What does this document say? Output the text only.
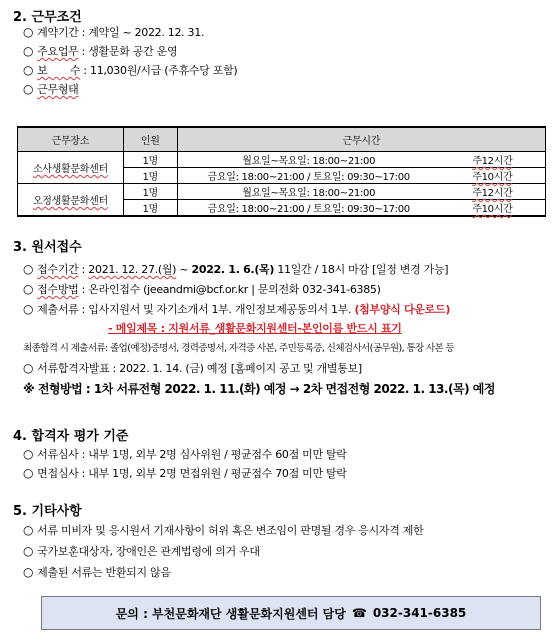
2. 근무조건
○ 계약기간 : 계약일 ~ 2022. 12. 31.
○ 주요업무 : 생활문화 공간 운영
○ 보       수 : 11,030원/시급 (주휴수당 포함)
○ 근무형태
근무장소	인원	근무시간	
소사생활문화센터	1명	월요일~목요일: 18:00~21:00	주12시간
	1명	금요일: 18:00~21:00 / 토요일: 09:30~17:00	주10시간
오정생활문화센터	1명	월요일~목요일: 18:00~21:00	주12시간
	1명	금요일: 18:00~21:00 / 토요일: 09:30~17:00	주10시간
3. 원서접수
○ 접수기간 : 2021. 12. 27.(월) ~ 2022. 1. 6.(목) 11일간 / 18시 마감 [일정 변경 가능]
○ 접수방법 : 온라인접수 (jeeandmi@bcf.or.kr | 문의전화 032-341-6385)
○ 제출서류 : 입사지원서 및 자기소개서 1부. 개인정보제공동의서 1부. (첨부양식 다운로드)
- 메일제목 : 지원서류_생활문화지원센터-본인이름 반드시 표기
최종합격 시 제출서류: 졸업(예정)증명서, 경력증명서, 자격증 사본, 주민등록증, 신체검사서(공무원), 통장 사본 등
○ 서류합격자발표 : 2022. 1. 14. (금) 예정 [홈페이지 공고 및 개별통보]
※ 전형방법 : 1차 서류전형 2022. 1. 11.(화) 예정 → 2차 면접전형 2022. 1. 13.(목) 예정
4. 합격자 평가 기준
○ 서류심사 : 내부 1명, 외부 2명 심사위원 / 평균점수 60점 미만 탈락
○ 면접심사 : 내부 1명, 외부 2명 면접위원 / 평균점수 70점 미만 탈락
5. 기타사항
○ 서류 미비자 및 응시원서 기재사항이 허위 혹은 변조임이 판명될 경우 응시자격 제한
○ 국가보훈대상자, 장애인은 관계법령에 의거 우대
○ 제출된 서류는 반환되지 않음
문의 : 부천문화재단 생활문화지원센터 담당 ☎ 032-341-6385
